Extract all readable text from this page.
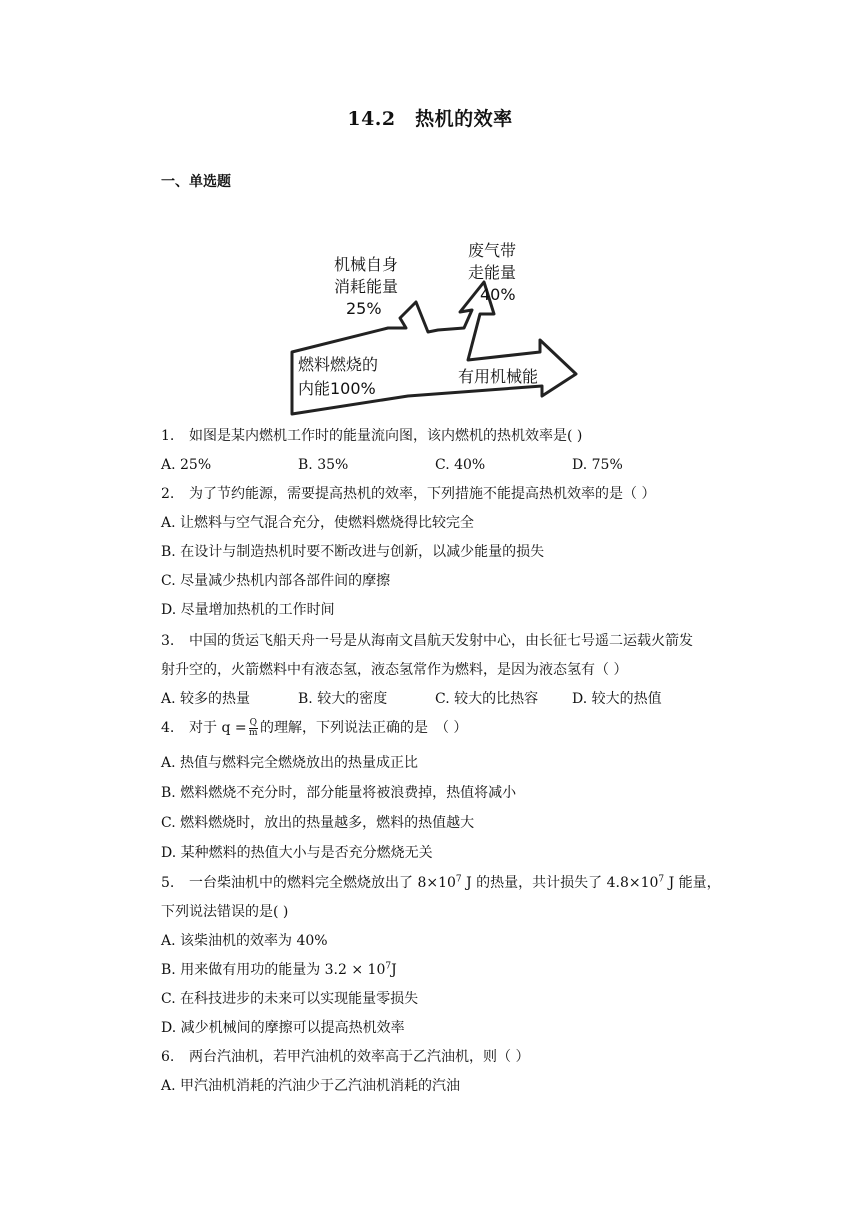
14.2　热机的效率
一、单选题
机械自身
消耗能量
25%
废气带
走能量
40%
燃料燃烧的
内能100%
有用机械能
1. 如图是某内燃机工作时的能量流向图，该内燃机的热机效率是( )
A. 25%	B. 35%	C. 40%	D. 75%
2. 为了节约能源，需要提高热机的效率，下列措施不能提高热机效率的是（ ）
A. 让燃料与空气混合充分，使燃料燃烧得比较完全
B. 在设计与制造热机时要不断改进与创新，以减少能量的损失
C. 尽量减少热机内部各部件间的摩擦
D. 尽量增加热机的工作时间
3. 中国的货运飞船天舟一号是从海南文昌航天发射中心，由长征七号遥二运载火箭发
射升空的，火箭燃料中有液态氢，液态氢常作为燃料，是因为液态氢有（ ）
A. 较多的热量	B. 较大的密度	C. 较大的比热容 D. 较大的热值
4. 对于 $q = \frac{Q}{m}$ 的理解，下列说法正确的是　（ ）
A. 热值与燃料完全燃烧放出的热量成正比
B. 燃料燃烧不充分时，部分能量将被浪费掉，热值将减小
C. 燃料燃烧时，放出的热量越多，燃料的热值越大
D. 某种燃料的热值大小与是否充分燃烧无关
5. 一台柴油机中的燃料完全燃烧放出了 $8\times 10^7$ J 的热量，共计损失了 $4.8\times 10^7$ J 能量，
下列说法错误的是( )
A. 该柴油机的效率为 40%
B. 用来做有用功的能量为 $3.2 \times 10^7J$
C. 在科技进步的未来可以实现能量零损失
D. 减少机械间的摩擦可以提高热机效率
6. 两台汽油机，若甲汽油机的效率高于乙汽油机，则（ ）
A. 甲汽油机消耗的汽油少于乙汽油机消耗的汽油
